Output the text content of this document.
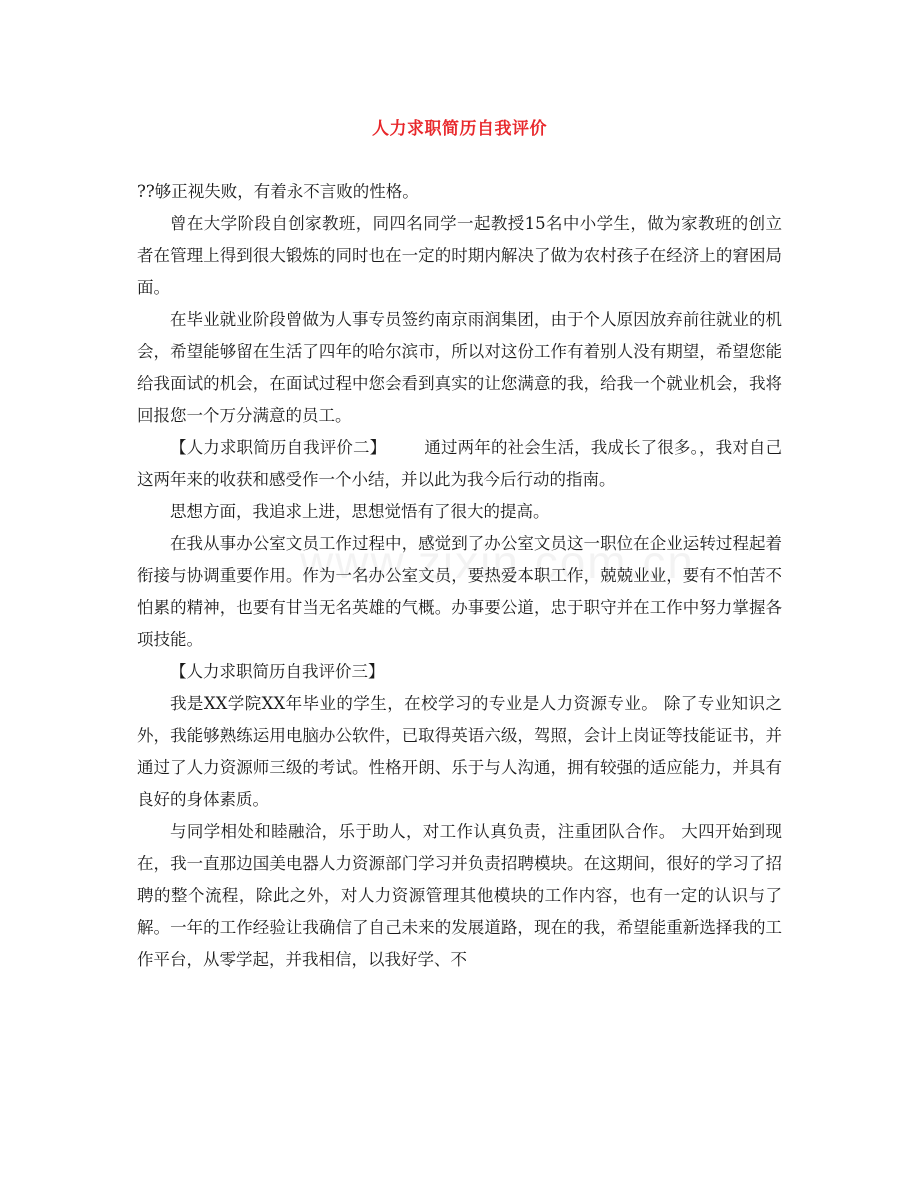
人力求职简历自我评价

??够正视失败，有着永不言败的性格。

曾在大学阶段自创家教班，同四名同学一起教授15名中小学生，做为家教班的创立者在管理上得到很大锻炼的同时也在一定的时期内解决了做为农村孩子在经济上的窘困局面。

在毕业就业阶段曾做为人事专员签约南京雨润集团，由于个人原因放弃前往就业的机会，希望能够留在生活了四年的哈尔滨市，所以对这份工作有着别人没有期望，希望您能给我面试的机会，在面试过程中您会看到真实的让您满意的我，给我一个就业机会，我将回报您一个万分满意的员工。

【人力求职简历自我评价二】 通过两年的社会生活，我成长了很多。，我对自己这两年来的收获和感受作一个小结，并以此为我今后行动的指南。

思想方面，我追求上进，思想觉悟有了很大的提高。

在我从事办公室文员工作过程中，感觉到了办公室文员这一职位在企业运转过程起着衔接与协调重要作用。作为一名办公室文员，要热爱本职工作，兢兢业业，要有不怕苦不怕累的精神，也要有甘当无名英雄的气概。办事要公道，忠于职守并在工作中努力掌握各项技能。

【人力求职简历自我评价三】

我是XX学院XX年毕业的学生，在校学习的专业是人力资源专业。 除了专业知识之外，我能够熟练运用电脑办公软件，已取得英语六级，驾照，会计上岗证等技能证书，并通过了人力资源师三级的考试。性格开朗、乐于与人沟通，拥有较强的适应能力，并具有良好的身体素质。

与同学相处和睦融洽，乐于助人，对工作认真负责，注重团队合作。 大四开始到现在，我一直那边国美电器人力资源部门学习并负责招聘模块。在这期间，很好的学习了招聘的整个流程，除此之外，对人力资源管理其他模块的工作内容，也有一定的认识与了解。一年的工作经验让我确信了自己未来的发展道路，现在的我，希望能重新选择我的工作平台，从零学起，并我相信，以我好学、不
